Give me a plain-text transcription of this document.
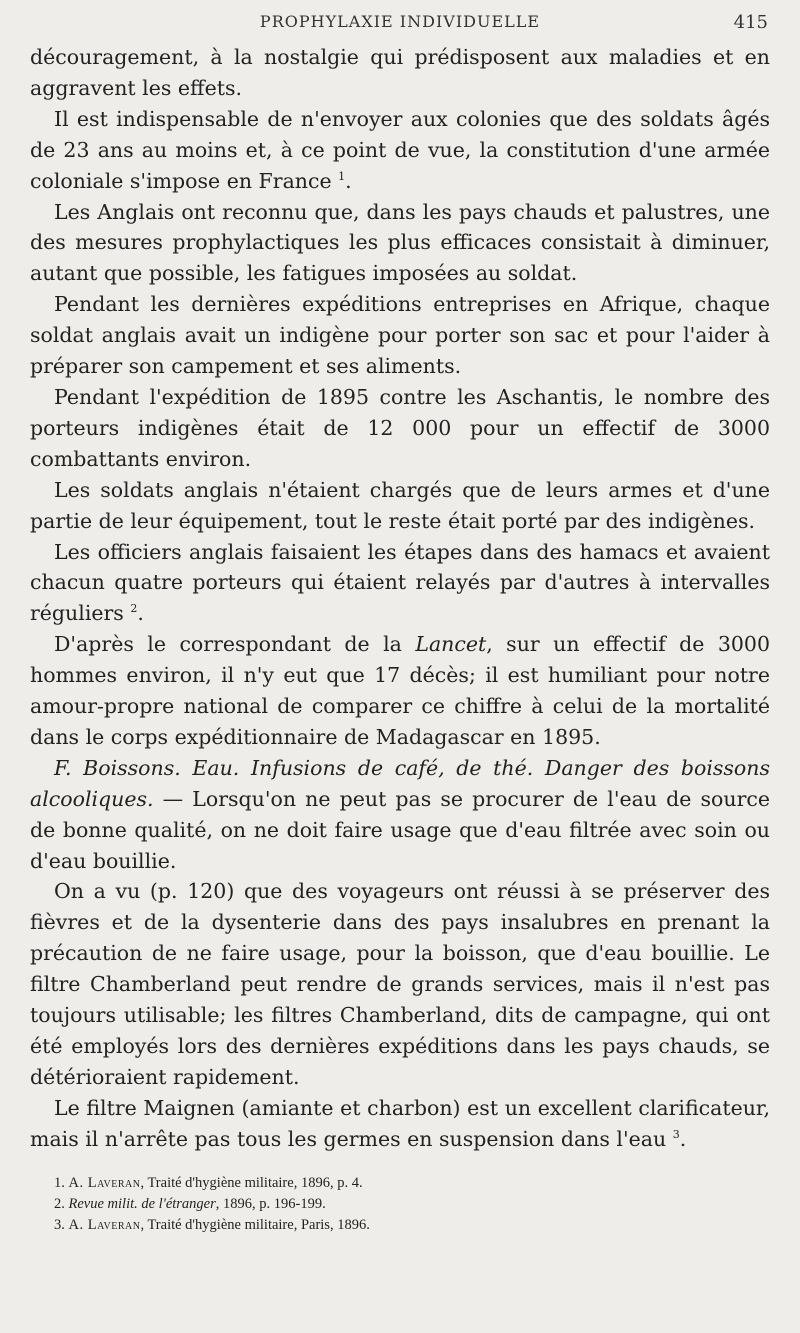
PROPHYLAXIE INDIVIDUELLE	415

découragement, à la nostalgie qui prédisposent aux maladies et en aggravent les effets.

Il est indispensable de n'envoyer aux colonies que des soldats âgés de 23 ans au moins et, à ce point de vue, la constitution d'une armée coloniale s'impose en France $^1$.

Les Anglais ont reconnu que, dans les pays chauds et palustres, une des mesures prophylactiques les plus efficaces consistait à diminuer, autant que possible, les fatigues imposées au soldat.

Pendant les dernières expéditions entreprises en Afrique, chaque soldat anglais avait un indigène pour porter son sac et pour l'aider à préparer son campement et ses aliments.

Pendant l'expédition de 1895 contre les Aschantis, le nombre des porteurs indigènes était de 12 000 pour un effectif de 3000 combattants environ.

Les soldats anglais n'étaient chargés que de leurs armes et d'une partie de leur équipement, tout le reste était porté par des indigènes.

Les officiers anglais faisaient les étapes dans des hamacs et avaient chacun quatre porteurs qui étaient relayés par d'autres à intervalles réguliers $^2$.

D'après le correspondant de la Lancet, sur un effectif de 3000 hommes environ, il n'y eut que 17 décès; il est humiliant pour notre amour-propre national de comparer ce chiffre à celui de la mortalité dans le corps expéditionnaire de Madagascar en 1895.

F. Boissons. Eau. Infusions de café, de thé. Danger des boissons alcooliques. — Lorsqu'on ne peut pas se procurer de l'eau de source de bonne qualité, on ne doit faire usage que d'eau filtrée avec soin ou d'eau bouillie.

On a vu (p. 120) que des voyageurs ont réussi à se préserver des fièvres et de la dysenterie dans des pays insalubres en prenant la précaution de ne faire usage, pour la boisson, que d'eau bouillie. Le filtre Chamberland peut rendre de grands services, mais il n'est pas toujours utilisable; les filtres Chamberland, dits de campagne, qui ont été employés lors des dernières expéditions dans les pays chauds, se détérioraient rapidement.

Le filtre Maignen (amiante et charbon) est un excellent clarificateur, mais il n'arrête pas tous les germes en suspension dans l'eau $^3$.

1. A. Laveran, Traité d'hygiène militaire, 1896, p. 4.

2. Revue milit. de l'étranger, 1896, p. 196-199.

3. A. Laveran, Traité d'hygiène militaire, Paris, 1896.
